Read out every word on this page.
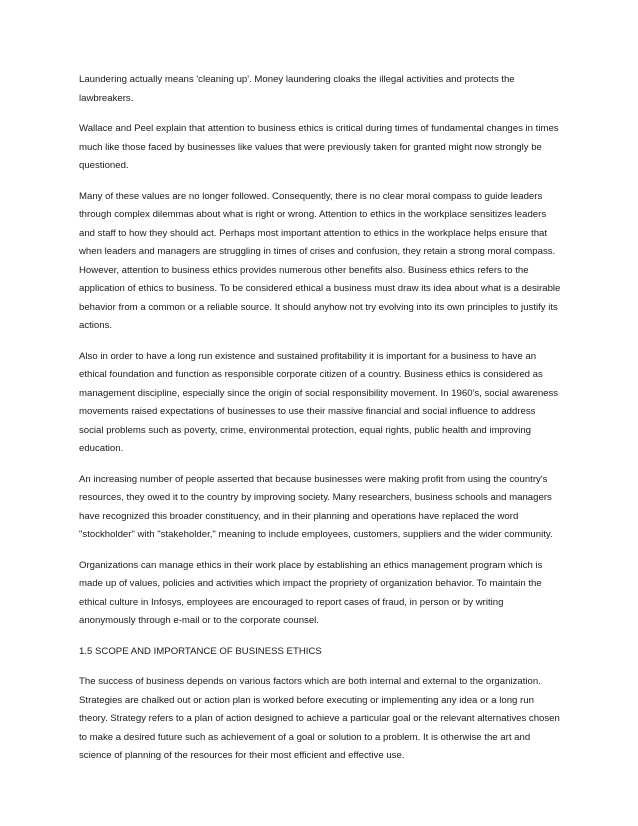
Laundering actually means 'cleaning up'. Money laundering cloaks the illegal activities and protects the lawbreakers.

Wallace and Peel explain that attention to business ethics is critical during times of fundamental changes in times much like those faced by businesses like values that were previously taken for granted might now strongly be questioned.

Many of these values are no longer followed. Consequently, there is no clear moral compass to guide leaders through complex dilemmas about what is right or wrong. Attention to ethics in the workplace sensitizes leaders and staff to how they should act. Perhaps most important attention to ethics in the workplace helps ensure that when leaders and managers are struggling in times of crises and confusion, they retain a strong moral compass. However, attention to business ethics provides numerous other benefits also. Business ethics refers to the application of ethics to business. To be considered ethical a business must draw its idea about what is a desirable behavior from a common or a reliable source. It should anyhow not try evolving into its own principles to justify its actions.

Also in order to have a long run existence and sustained profitability it is important for a business to have an ethical foundation and function as responsible corporate citizen of a country. Business ethics is considered as management discipline, especially since the origin of social responsibility movement. In 1960's, social awareness movements raised expectations of businesses to use their massive financial and social influence to address social problems such as poverty, crime, environmental protection, equal rights, public health and improving education.

An increasing number of people asserted that because businesses were making profit from using the country's resources, they owed it to the country by improving society. Many researchers, business schools and managers have recognized this broader constituency, and in their planning and operations have replaced the word "stockholder" with "stakeholder," meaning to include employees, customers, suppliers and the wider community.

Organizations can manage ethics in their work place by establishing an ethics management program which is made up of values, policies and activities which impact the propriety of organization behavior. To maintain the ethical culture in Infosys, employees are encouraged to report cases of fraud, in person or by writing anonymously through e-mail or to the corporate counsel.

1.5 SCOPE AND IMPORTANCE OF BUSINESS ETHICS

The success of business depends on various factors which are both internal and external to the organization. Strategies are chalked out or action plan is worked before executing or implementing any idea or a long run theory. Strategy refers to a plan of action designed to achieve a particular goal or the relevant alternatives chosen to make a desired future such as achievement of a goal or solution to a problem. It is otherwise the art and science of planning of the resources for their most efficient and effective use.
